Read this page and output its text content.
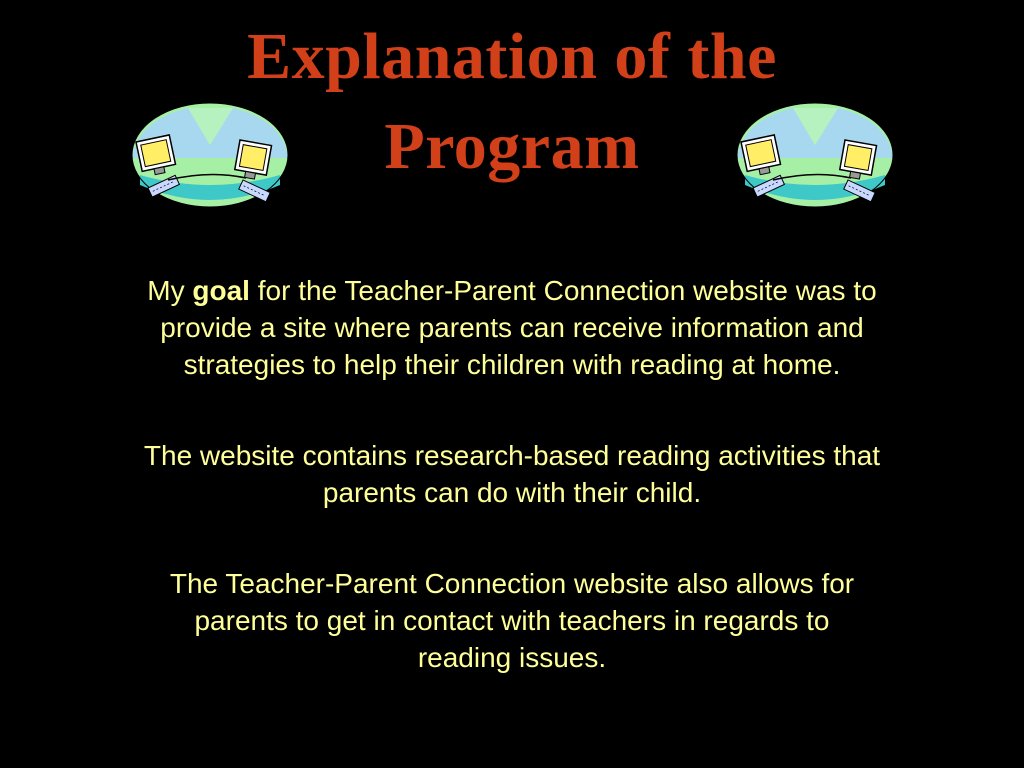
Explanation of the
Program

My goal for the Teacher-Parent Connection website was to
provide a site where parents can receive information and
strategies to help their children with reading at home.

The website contains research-based reading activities that
parents can do with their child.

The Teacher-Parent Connection website also allows for
parents to get in contact with teachers in regards to
reading issues.
